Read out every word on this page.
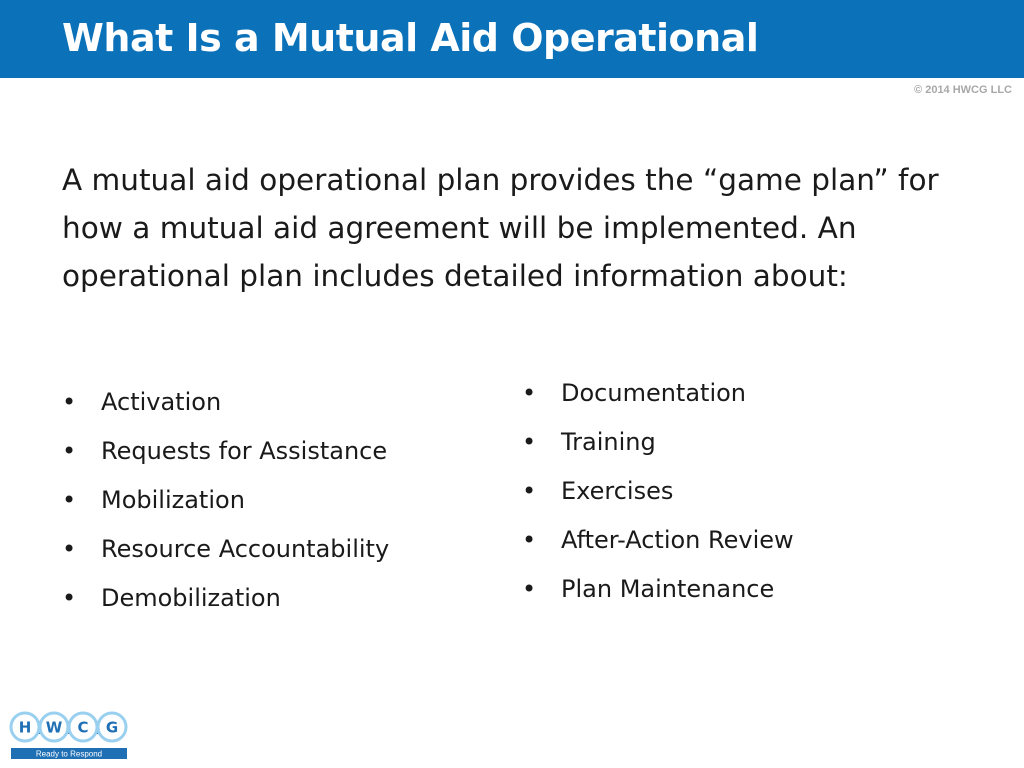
What Is a Mutual Aid Operational
© 2014 HWCG LLC

A mutual aid operational plan provides the “game plan” for how a mutual aid agreement will be implemented. An operational plan includes detailed information about:

• Activation
• Requests for Assistance
• Mobilization
• Resource Accountability
• Demobilization
• Documentation
• Training
• Exercises
• After-Action Review
• Plan Maintenance
H W C G
Ready to Respond
